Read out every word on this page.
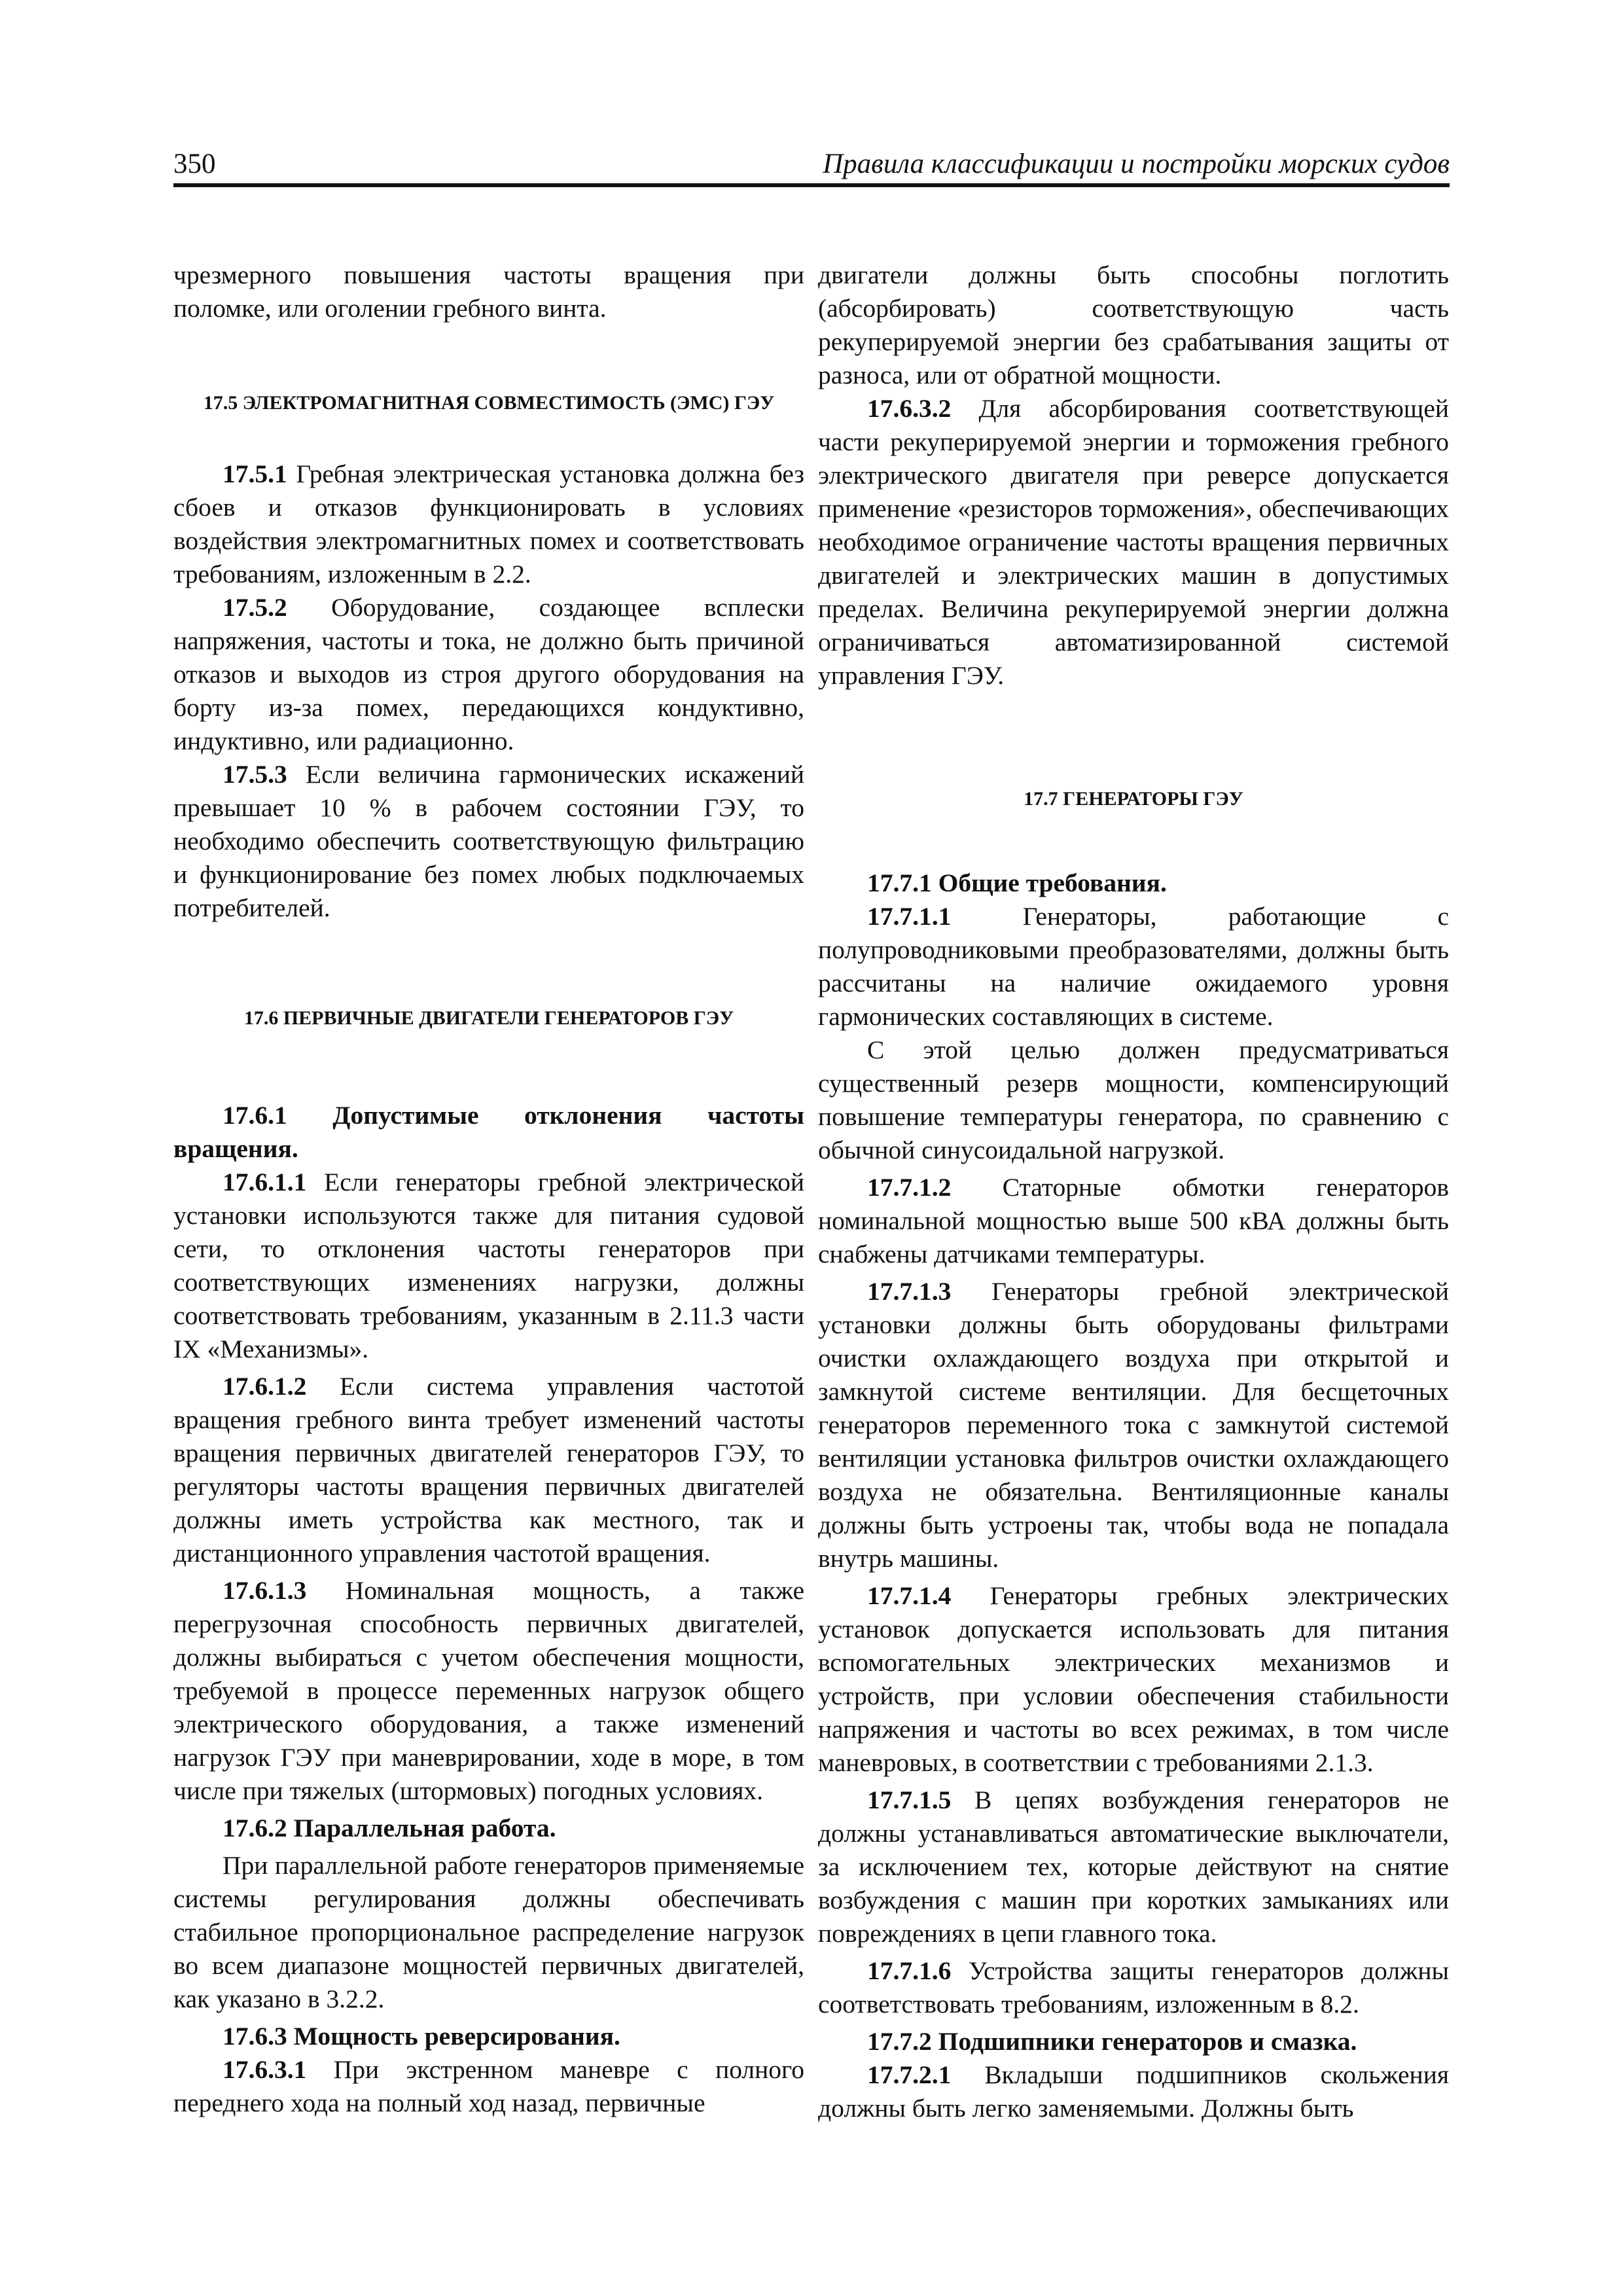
350	Правила классификации и постройки морских судов

чрезмерного повышения частоты вращения при поломке, или оголении гребного винта.

17.5 ЭЛЕКТРОМАГНИТНАЯ СОВМЕСТИМОСТЬ (ЭМС) ГЭУ

17.5.1 Гребная электрическая установка должна без сбоев и отказов функционировать в условиях воздействия электромагнитных помех и соответствовать требованиям, изложенным в 2.2.

17.5.2 Оборудование, создающее всплески напряжения, частоты и тока, не должно быть причиной отказов и выходов из строя другого оборудования на борту из-за помех, передающихся кондуктивно, индуктивно, или радиационно.

17.5.3 Если величина гармонических искажений превышает 10 % в рабочем состоянии ГЭУ, то необходимо обеспечить соответствующую фильтрацию и функционирование без помех любых подключаемых потребителей.

17.6 ПЕРВИЧНЫЕ ДВИГАТЕЛИ ГЕНЕРАТОРОВ ГЭУ

17.6.1 Допустимые отклонения частоты вращения.

17.6.1.1 Если генераторы гребной электрической установки используются также для питания судовой сети, то отклонения частоты генераторов при соответствующих изменениях нагрузки, должны соответствовать требованиям, указанным в 2.11.3 части IX «Механизмы».

17.6.1.2 Если система управления частотой вращения гребного винта требует изменений частоты вращения первичных двигателей генераторов ГЭУ, то регуляторы частоты вращения первичных двигателей должны иметь устройства как местного, так и дистанционного управления частотой вращения.

17.6.1.3 Номинальная мощность, а также перегрузочная способность первичных двигателей, должны выбираться с учетом обеспечения мощности, требуемой в процессе переменных нагрузок общего электрического оборудования, а также изменений нагрузок ГЭУ при маневрировании, ходе в море, в том числе при тяжелых (штормовых) погодных условиях.

17.6.2 Параллельная работа.

При параллельной работе генераторов применяемые системы регулирования должны обеспечивать стабильное пропорциональное распределение нагрузок во всем диапазоне мощностей первичных двигателей, как указано в 3.2.2.

17.6.3 Мощность реверсирования.

17.6.3.1 При экстренном маневре с полного переднего хода на полный ход назад, первичные

двигатели должны быть способны поглотить (абсорбировать) соответствующую часть рекуперируемой энергии без срабатывания защиты от разноса, или от обратной мощности.

17.6.3.2 Для абсорбирования соответствующей части рекуперируемой энергии и торможения гребного электрического двигателя при реверсе допускается применение «резисторов торможения», обеспечивающих необходимое ограничение частоты вращения первичных двигателей и электрических машин в допустимых пределах. Величина рекуперируемой энергии должна ограничиваться автоматизированной системой управления ГЭУ.

17.7 ГЕНЕРАТОРЫ ГЭУ

17.7.1 Общие требования.

17.7.1.1 Генераторы, работающие с полупроводниковыми преобразователями, должны быть рассчитаны на наличие ожидаемого уровня гармонических составляющих в системе.

С этой целью должен предусматриваться существенный резерв мощности, компенсирующий повышение температуры генератора, по сравнению с обычной синусоидальной нагрузкой.

17.7.1.2 Статорные обмотки генераторов номинальной мощностью выше 500 кВА должны быть снабжены датчиками температуры.

17.7.1.3 Генераторы гребной электрической установки должны быть оборудованы фильтрами очистки охлаждающего воздуха при открытой и замкнутой системе вентиляции. Для бесщеточных генераторов переменного тока с замкнутой системой вентиляции установка фильтров очистки охлаждающего воздуха не обязательна. Вентиляционные каналы должны быть устроены так, чтобы вода не попадала внутрь машины.

17.7.1.4 Генераторы гребных электрических установок допускается использовать для питания вспомогательных электрических механизмов и устройств, при условии обеспечения стабильности напряжения и частоты во всех режимах, в том числе маневровых, в соответствии с требованиями 2.1.3.

17.7.1.5 В цепях возбуждения генераторов не должны устанавливаться автоматические выключатели, за исключением тех, которые действуют на снятие возбуждения с машин при коротких замыканиях или повреждениях в цепи главного тока.

17.7.1.6 Устройства защиты генераторов должны соответствовать требованиям, изложенным в 8.2.

17.7.2 Подшипники генераторов и смазка.

17.7.2.1 Вкладыши подшипников скольжения должны быть легко заменяемыми. Должны быть
